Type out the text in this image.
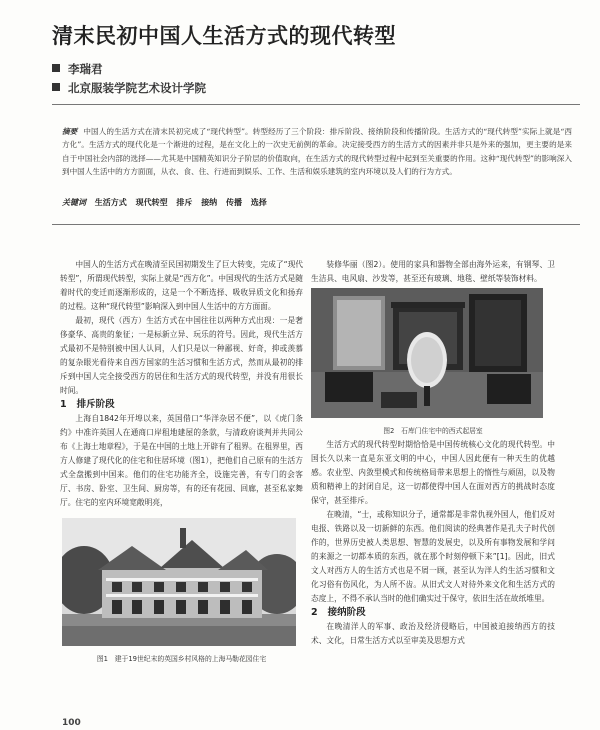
清末民初中国人生活方式的现代转型
李瑞君
北京服装学院艺术设计学院
摘要 中国人的生活方式在清末民初完成了“现代转型”。转型经历了三个阶段：排斥阶段、接纳阶段和传播阶段。生活方式的“现代转型”实际上就是“西方化”。生活方式的现代化是一个渐进的过程，是在文化上的一次史无前例的革命。决定接受西方的生活方式的因素并非只是外来的强加，更主要的是来自于中国社会内部的选择——尤其是中国精英知识分子阶层的价值取向，在生活方式的现代转型过程中起到至关重要的作用。这种“现代转型”的影响深入到中国人生活中的方方面面，从衣、食、住、行进而到娱乐、工作、生活和娱乐建筑的室内环境以及人们的行为方式。
关键词 生活方式 现代转型 排斥 接纳 传播 选择

中国人的生活方式在晚清至民国初期发生了巨大转变，完成了“现代转型”，所谓现代转型，实际上就是“西方化”。中国现代的生活方式是随着时代的变迁而逐渐形成的，这是一个不断选择、吸收异质文化和扬弃的过程。这种“现代转型”影响深入到中国人生活中的方方面面。

最初，现代（西方）生活方式在中国往往以两种方式出现：一是奢侈豪华、高贵的象征；一是标新立异、玩乐的符号。因此，现代生活方式最初不是特别被中国人认同，人们只是以一种鄙视、好奇，抑或羡慕的复杂眼光看待来自西方国家的生活习惯和生活方式，然而从最初的排斥到中国人完全接受西方的居住和生活方式的现代转型，并没有用很长时间。

1 排斥阶段

上海自1842年开埠以来，英国借口“华洋杂居不便”，以《虎门条约》中准许英国人在通商口岸租地建屋的条款，与清政府谈判并共同公布《上海土地章程》，于是在中国的土地上开辟有了租界。在租界里，西方人修建了现代化的住宅和住居环境（图1），把他们自己原有的生活方式全盘搬到中国来。他们的住宅功能齐全，设施完善，有专门的会客厅、书房、卧室、卫生间、厨房等，有的还有花园、回廊，甚至私家舞厅。住宅的室内环境宽敞明亮，

图1　建于19世纪末的英国乡村风格的上海马勒花园住宅

装修华丽（图2）。使用的家具和器物全部由海外运来，有钢琴、卫生洁具、电风扇、沙发等，甚至还有玻璃、地毯、壁纸等装饰材料。

图2　石库门住宅中的西式起居室

生活方式的现代转型时期恰恰是中国传统核心文化的现代转型。中国长久以来一直是东亚文明的中心，中国人因此便有一种天生的优越感。农业型、内敛型模式和传统格局带来思想上的惰性与顽固，以及物质和精神上的封闭自足，这一切都使得中国人在面对西方的挑战时态度保守，甚至排斥。

在晚清，“士，或称知识分子，通常都是非常仇视外国人，他们反对电报、铁路以及一切新鲜的东西。他们阅读的经典著作是孔夫子时代创作的，世界历史被人类思想、智慧的发展史，以及所有事物发展和学问的来源之一切都本质的东西，就在那个时刻停顿下来”[1]。因此，旧式文人对西方人的生活方式也是不屑一顾，甚至认为洋人约生活习惯和文化习俗有伤风化，为人所不齿。从旧式文人对待外来文化和生活方式的态度上，不得不承认当时的他们确实过于保守，依旧生活在故纸堆里。

2 接纳阶段

在晚清洋人的军事、政治及经济侵略后，中国被迫接纳西方的技术、文化，日常生活方式以至审美及思想方式

100
